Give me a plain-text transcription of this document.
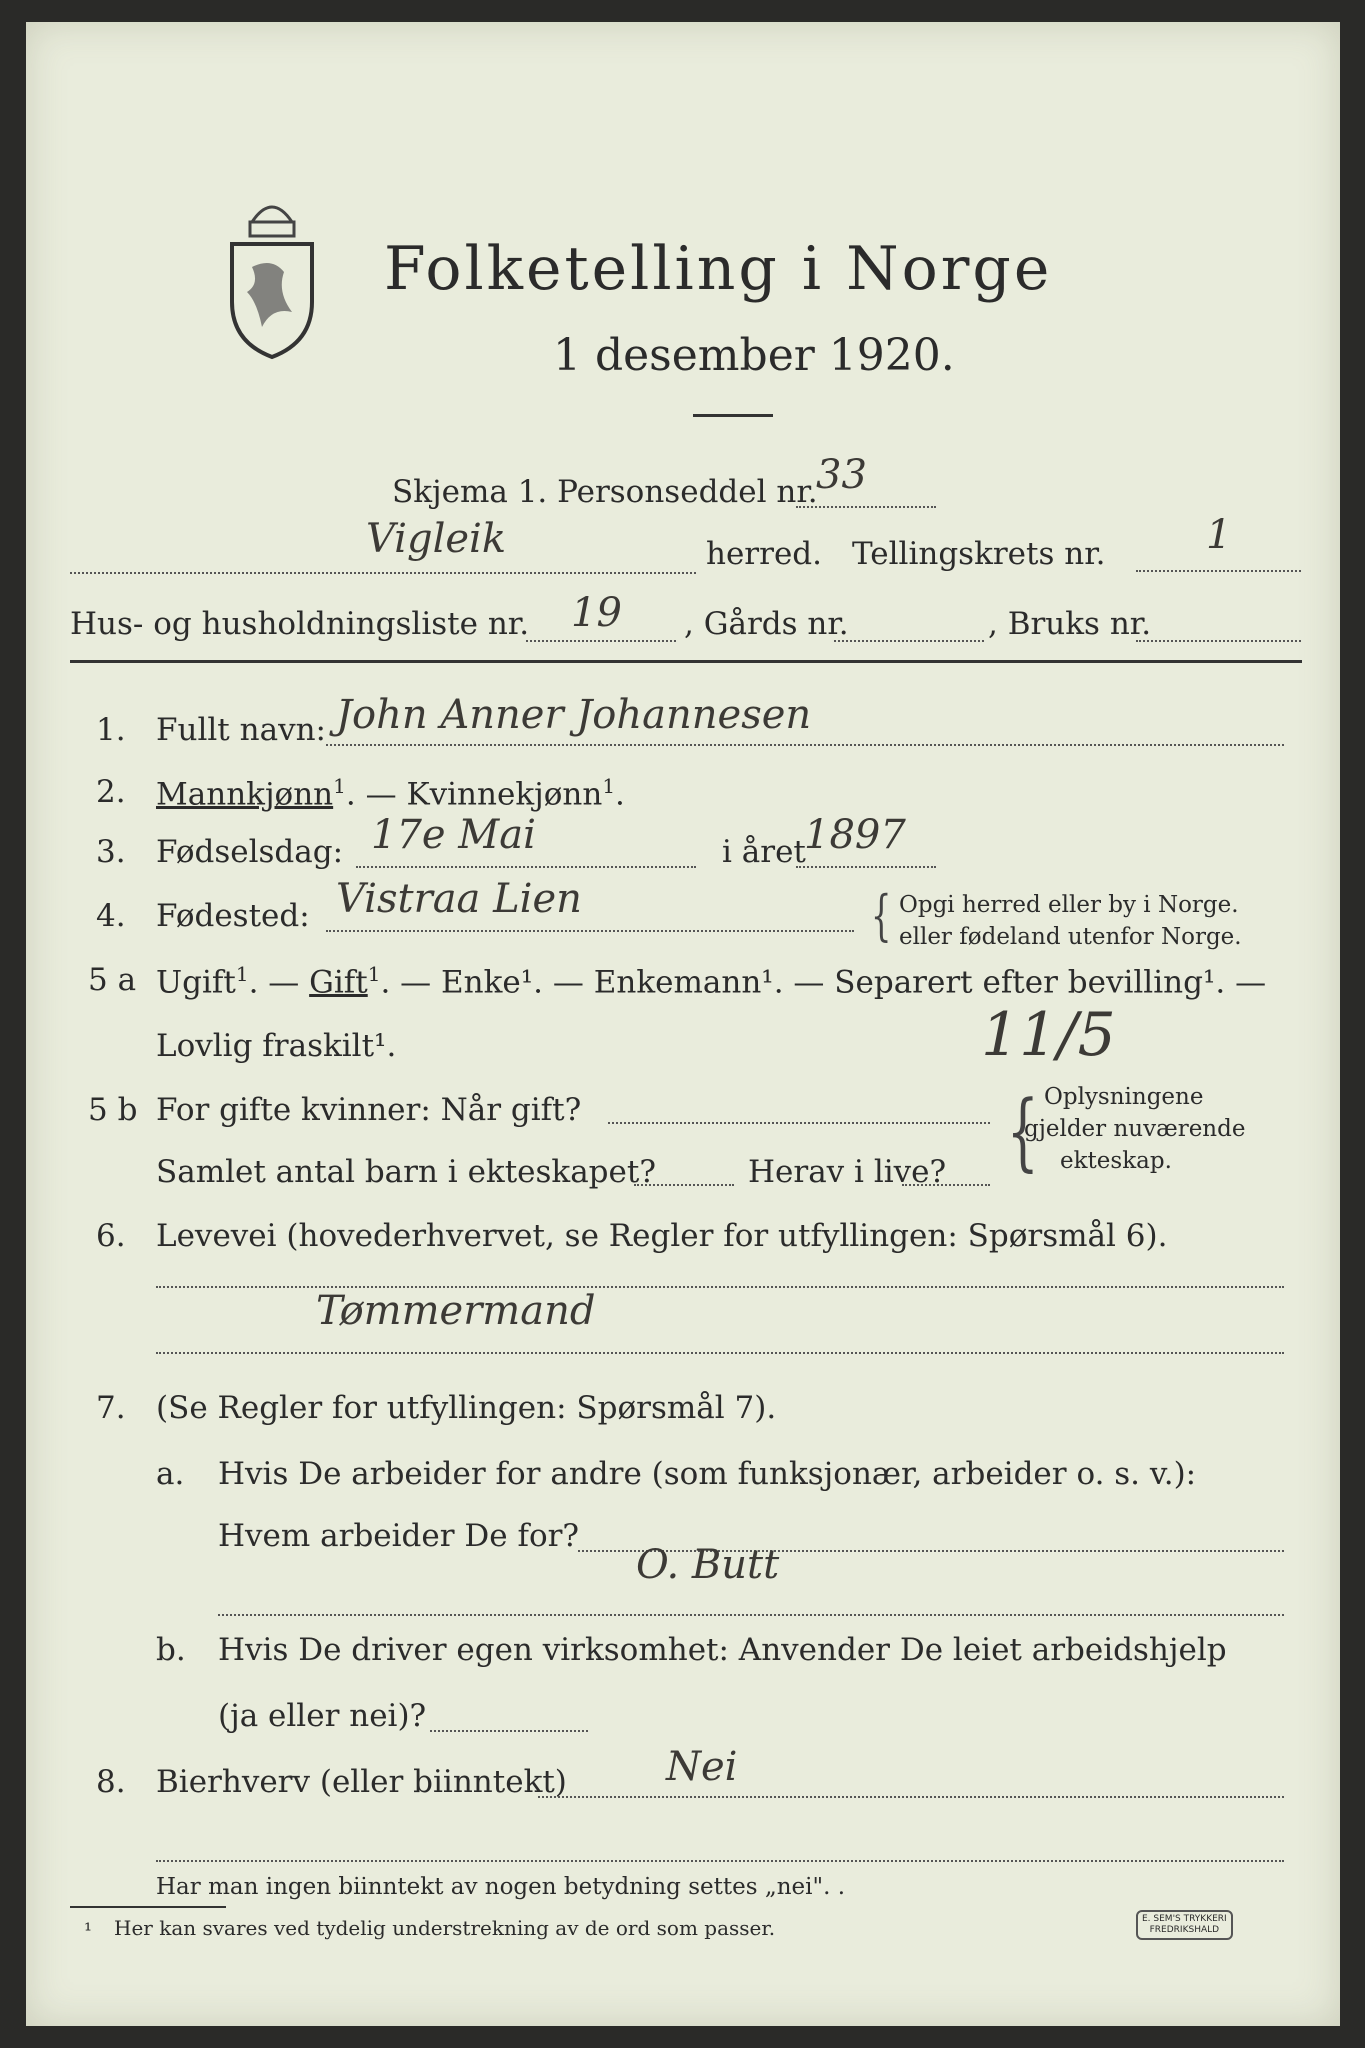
Folketelling i Norge
1 desember 1920.
Skjema 1. Personseddel nr.
33
Vigleik	herred. Tellingskrets nr.	1
Hus- og husholdningsliste nr. 19 , Gårds nr.	, Bruks nr.
1. Fullt navn: John Anner Johannesen
2. Mannkjønn$^1$. — Kvinnekjønn$^1$.
3. Fødselsdag: 17e Mai	i året
1897
4. Fødested: Vistraa Lien	{ Opgi herred eller by i Norge.
eller fødeland utenfor Norge.
5 a Ugift$^1$. — Gift$^1$. — Enke¹. — Enkemann¹. — Separert efter bevilling¹. —
Lovlig fraskilt¹.	11/5
5 b For gifte kvinner: Når gift?
Samlet antal barn i ekteskapet?	Herav i live? { Oplysningene
gjelder nuværende
ekteskap.
6. Levevei (hovederhvervet, se Regler for utfyllingen: Spørsmål 6).
Tømmermand
7. (Se Regler for utfyllingen: Spørsmål 7).
a. Hvis De arbeider for andre (som funksjonær, arbeider o. s. v.):
Hvem arbeider De for?
O. Butt
b. Hvis De driver egen virksomhet: Anvender De leiet arbeidshjelp
(ja eller nei)?
8. Bierhverv (eller biinntekt) Nei
Har man ingen biinntekt av nogen betydning settes „nei". .
¹ Her kan svares ved tydelig understrekning av de ord som passer.	E. SEM'S TRYKKERI
FREDRIKSHALD
